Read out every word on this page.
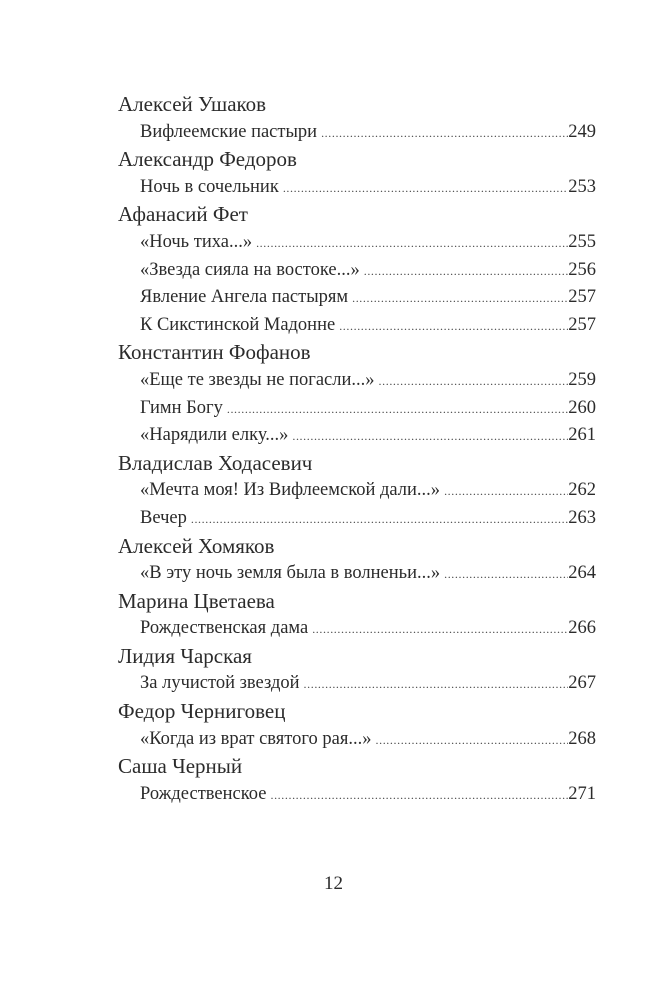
Алексей Ушаков
Вифлеемские пастыри .....	249
Александр Федоров
Ночь в сочельник .....	253
Афанасий Фет
«Ночь тиха...» .....	255
«Звезда сияла на востоке...» .....	256
Явление Ангела пастырям .....	257
К Сикстинской Мадонне .....	257
Константин Фофанов
«Еще те звезды не погасли...» .....	259
Гимн Богу .....	260
«Нарядили елку...» .....	261
Владислав Ходасевич
«Мечта моя! Из Вифлеемской дали...» .....	262
Вечер .....	263
Алексей Хомяков
«В эту ночь земля была в волненьи...» .....	264
Марина Цветаева
Рождественская дама .....	266
Лидия Чарская
За лучистой звездой .....	267
Федор Черниговец
«Когда из врат святого рая...» .....	268
Саша Черный
Рождественское .....	271
12
